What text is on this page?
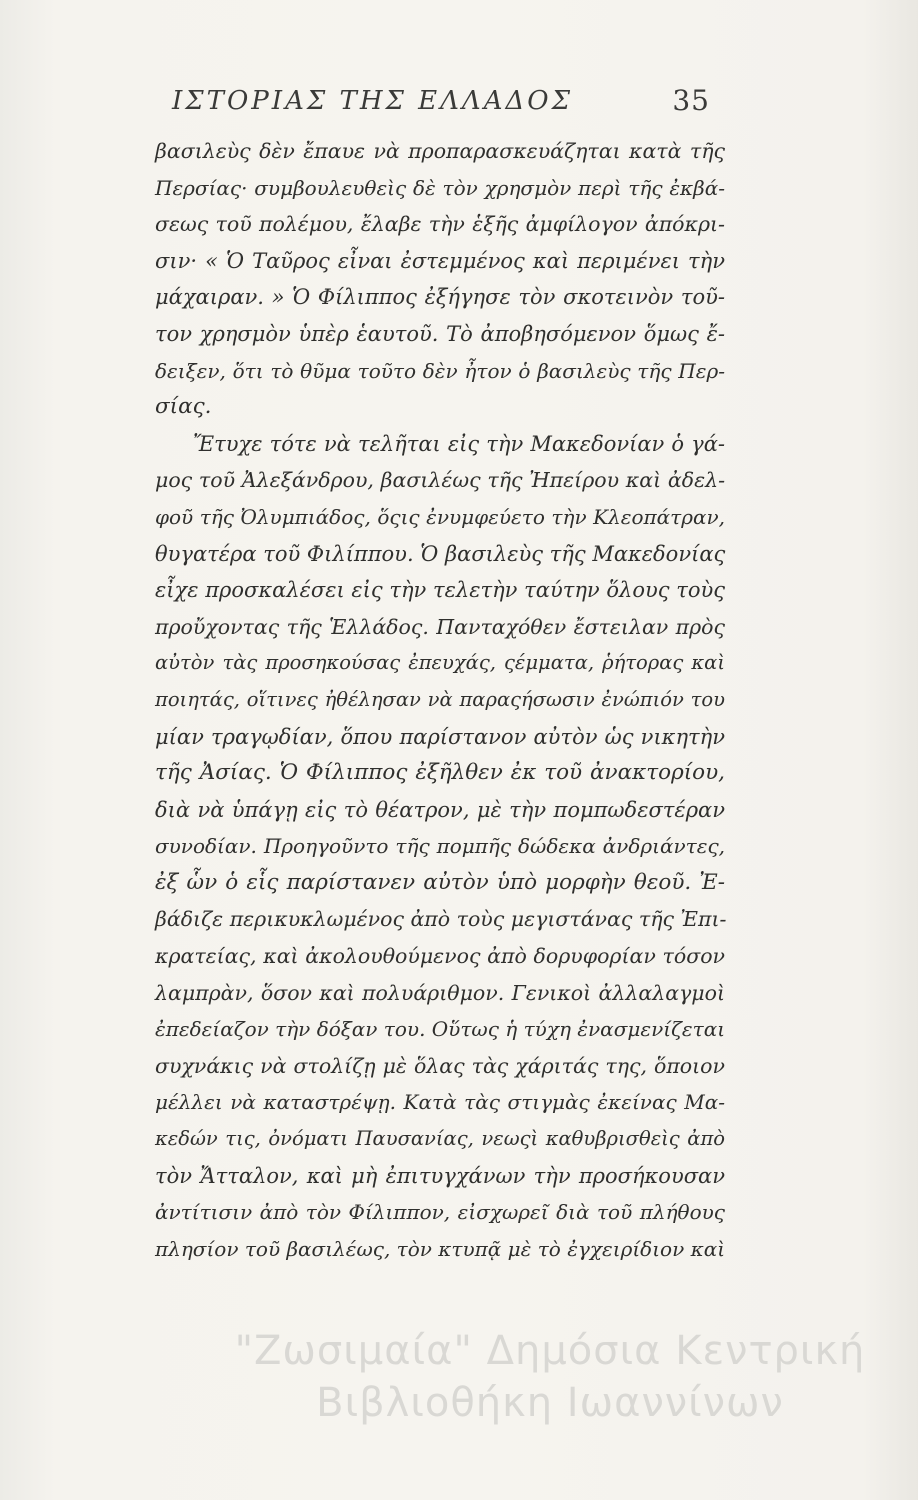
ΙΣΤΟΡΙΑΣ ΤΗΣ ΕΛΛΑΔΟΣ	35
βασιλεὺς δὲν ἔπαυε νὰ προπαρασκευάζηται κατὰ τῆς
Περσίας· συμβουλευθεὶς δὲ τὸν χρησμὸν περὶ τῆς ἐκβά-
σεως τοῦ πολέμου, ἔλαβε τὴν ἑξῆς ἀμφίλογον ἀπόκρι-
σιν· « Ὁ Ταῦρος εἶναι ἐστεμμένος καὶ περιμένει τὴν
μάχαιραν. » Ὁ Φίλιππος ἐξήγησε τὸν σκοτεινὸν τοῦ-
τον χρησμὸν ὑπὲρ ἑαυτοῦ. Τὸ ἀποβησόμενον ὅμως ἔ-
δειξεν, ὅτι τὸ θῦμα τοῦτο δὲν ἦτον ὁ βασιλεὺς τῆς Περ-
σίας.
Ἔτυχε τότε νὰ τελῆται εἰς τὴν Μακεδονίαν ὁ γά-
μος τοῦ Ἀλεξάνδρου, βασιλέως τῆς Ἠπείρου καὶ ἀδελ-
φοῦ τῆς Ὀλυμπιάδος, ὅςις ἐνυμφεύετο τὴν Κλεοπάτραν,
θυγατέρα τοῦ Φιλίππου. Ὁ βασιλεὺς τῆς Μακεδονίας
εἶχε προσκαλέσει εἰς τὴν τελετὴν ταύτην ὅλους τοὺς
προὔχοντας τῆς Ἑλλάδος. Πανταχόθεν ἔστειλαν πρὸς
αὐτὸν τὰς προσηκούσας ἐπευχάς, ςέμματα, ῥήτορας καὶ
ποιητάς, οἵτινες ἠθέλησαν νὰ παραςήσωσιν ἐνώπιόν του
μίαν τραγῳδίαν, ὅπου παρίστανον αὐτὸν ὡς νικητὴν
τῆς Ἀσίας. Ὁ Φίλιππος ἐξῆλθεν ἐκ τοῦ ἀνακτορίου,
διὰ νὰ ὑπάγῃ εἰς τὸ θέατρον, μὲ τὴν πομπωδεστέραν
συνοδίαν. Προηγοῦντο τῆς πομπῆς δώδεκα ἀνδριάντες,
ἐξ ὧν ὁ εἷς παρίστανεν αὐτὸν ὑπὸ μορφὴν θεοῦ. Ἐ-
βάδιζε περικυκλωμένος ἀπὸ τοὺς μεγιστάνας τῆς Ἐπι-
κρατείας, καὶ ἀκολουθούμενος ἀπὸ δορυφορίαν τόσον
λαμπρὰν, ὅσον καὶ πολυάριθμον. Γενικοὶ ἀλλαλαγμοὶ
ἐπεδείαζον τὴν δόξαν του. Οὕτως ἡ τύχη ἐνασμενίζεται
συχνάκις νὰ στολίζῃ μὲ ὅλας τὰς χάριτάς της, ὅποιον
μέλλει νὰ καταστρέψῃ. Κατὰ τὰς στιγμὰς ἐκείνας Μα-
κεδών τις, ὀνόματι Παυσανίας, νεωςὶ καθυβρισθεὶς ἀπὸ
τὸν Ἄτταλον, καὶ μὴ ἐπιτυγχάνων τὴν προσήκουσαν
ἀντίτισιν ἀπὸ τὸν Φίλιππον, εἰσχωρεῖ διὰ τοῦ πλήθους
πλησίον τοῦ βασιλέως, τὸν κτυπᾷ μὲ τὸ ἐγχειρίδιον καὶ
"Ζωσιμαία" Δημόσια Κεντρική
Βιβλιοθήκη Ιωαννίνων
